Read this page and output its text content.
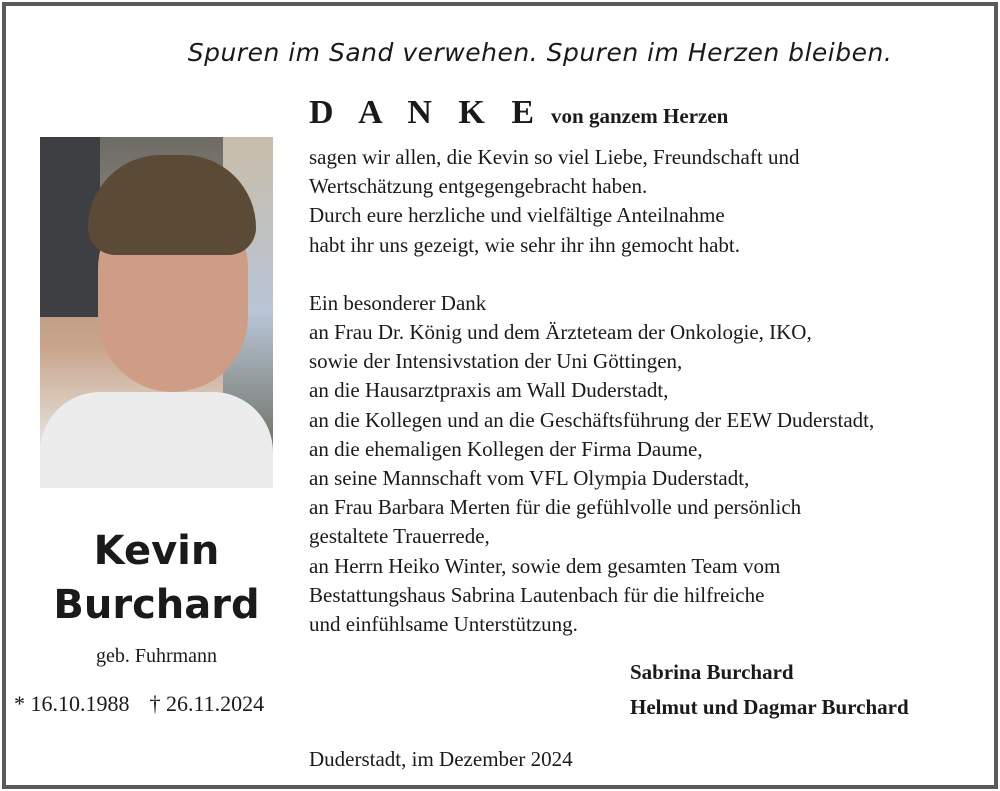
Spuren im Sand verwehen. Spuren im Herzen bleiben.
D A N K E von ganzem Herzen
Kevin
Burchard
geb. Fuhrmann
* 16.10.1988 † 26.11.2024
sagen wir allen, die Kevin so viel Liebe, Freundschaft und
Wertschätzung entgegengebracht haben.
Durch eure herzliche und vielfältige Anteilnahme
habt ihr uns gezeigt, wie sehr ihr ihn gemocht habt.
Ein besonderer Dank
an Frau Dr. König und dem Ärzteteam der Onkologie, IKO,
sowie der Intensivstation der Uni Göttingen,
an die Hausarztpraxis am Wall Duderstadt,
an die Kollegen und an die Geschäftsführung der EEW Duderstadt,
an die ehemaligen Kollegen der Firma Daume,
an seine Mannschaft vom VFL Olympia Duderstadt,
an Frau Barbara Merten für die gefühlvolle und persönlich
gestaltete Trauerrede,
an Herrn Heiko Winter, sowie dem gesamten Team vom
Bestattungshaus Sabrina Lautenbach für die hilfreiche
und einfühlsame Unterstützung.
Sabrina Burchard
Helmut und Dagmar Burchard
Duderstadt, im Dezember 2024
